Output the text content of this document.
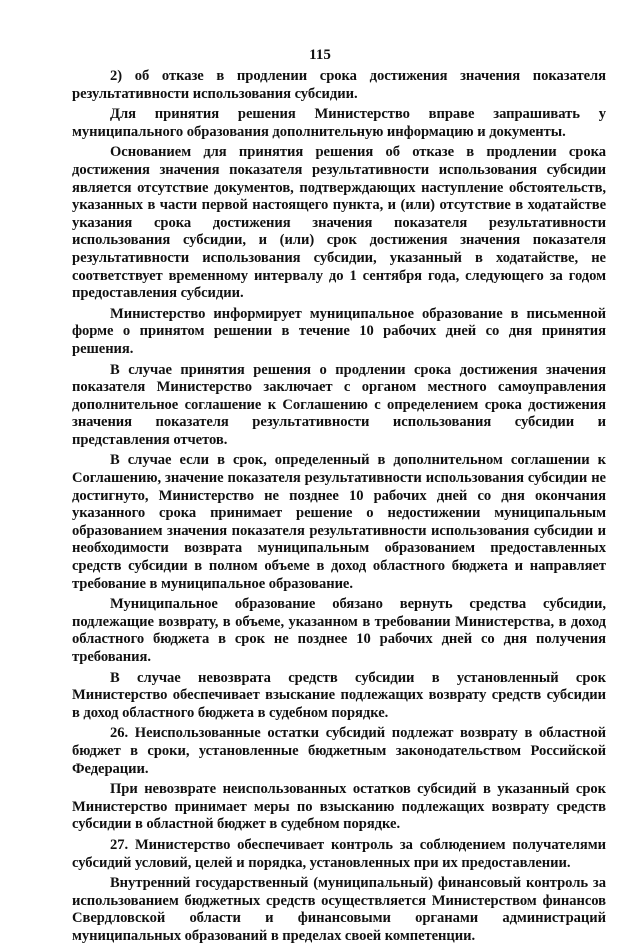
115

2) об отказе в продлении срока достижения значения показателя результативности использования субсидии.

Для принятия решения Министерство вправе запрашивать у муниципального образования дополнительную информацию и документы.

Основанием для принятия решения об отказе в продлении срока достижения значения показателя результативности использования субсидии является отсутствие документов, подтверждающих наступление обстоятельств, указанных в части первой настоящего пункта, и (или) отсутствие в ходатайстве указания срока достижения значения показателя результативности использования субсидии, и (или) срок достижения значения показателя результативности использования субсидии, указанный в ходатайстве, не соответствует временному интервалу до 1 сентября года, следующего за годом предоставления субсидии.

Министерство информирует муниципальное образование в письменной форме о принятом решении в течение 10 рабочих дней со дня принятия решения.

В случае принятия решения о продлении срока достижения значения показателя Министерство заключает с органом местного самоуправления дополнительное соглашение к Соглашению с определением срока достижения значения показателя результативности использования субсидии и представления отчетов.

В случае если в срок, определенный в дополнительном соглашении к Соглашению, значение показателя результативности использования субсидии не достигнуто, Министерство не позднее 10 рабочих дней со дня окончания указанного срока принимает решение о недостижении муниципальным образованием значения показателя результативности использования субсидии и необходимости возврата муниципальным образованием предоставленных средств субсидии в полном объеме в доход областного бюджета и направляет требование в муниципальное образование.

Муниципальное образование обязано вернуть средства субсидии, подлежащие возврату, в объеме, указанном в требовании Министерства, в доход областного бюджета в срок не позднее 10 рабочих дней со дня получения требования.

В случае невозврата средств субсидии в установленный срок Министерство обеспечивает взыскание подлежащих возврату средств субсидии в доход областного бюджета в судебном порядке.

26. Неиспользованные остатки субсидий подлежат возврату в областной бюджет в сроки, установленные бюджетным законодательством Российской Федерации.

При невозврате неиспользованных остатков субсидий в указанный срок Министерство принимает меры по взысканию подлежащих возврату средств субсидии в областной бюджет в судебном порядке.

27. Министерство обеспечивает контроль за соблюдением получателями субсидий условий, целей и порядка, установленных при их предоставлении.

Внутренний государственный (муниципальный) финансовый контроль за использованием бюджетных средств осуществляется Министерством финансов Свердловской области и финансовыми органами администраций муниципальных образований в пределах своей компетенции.
